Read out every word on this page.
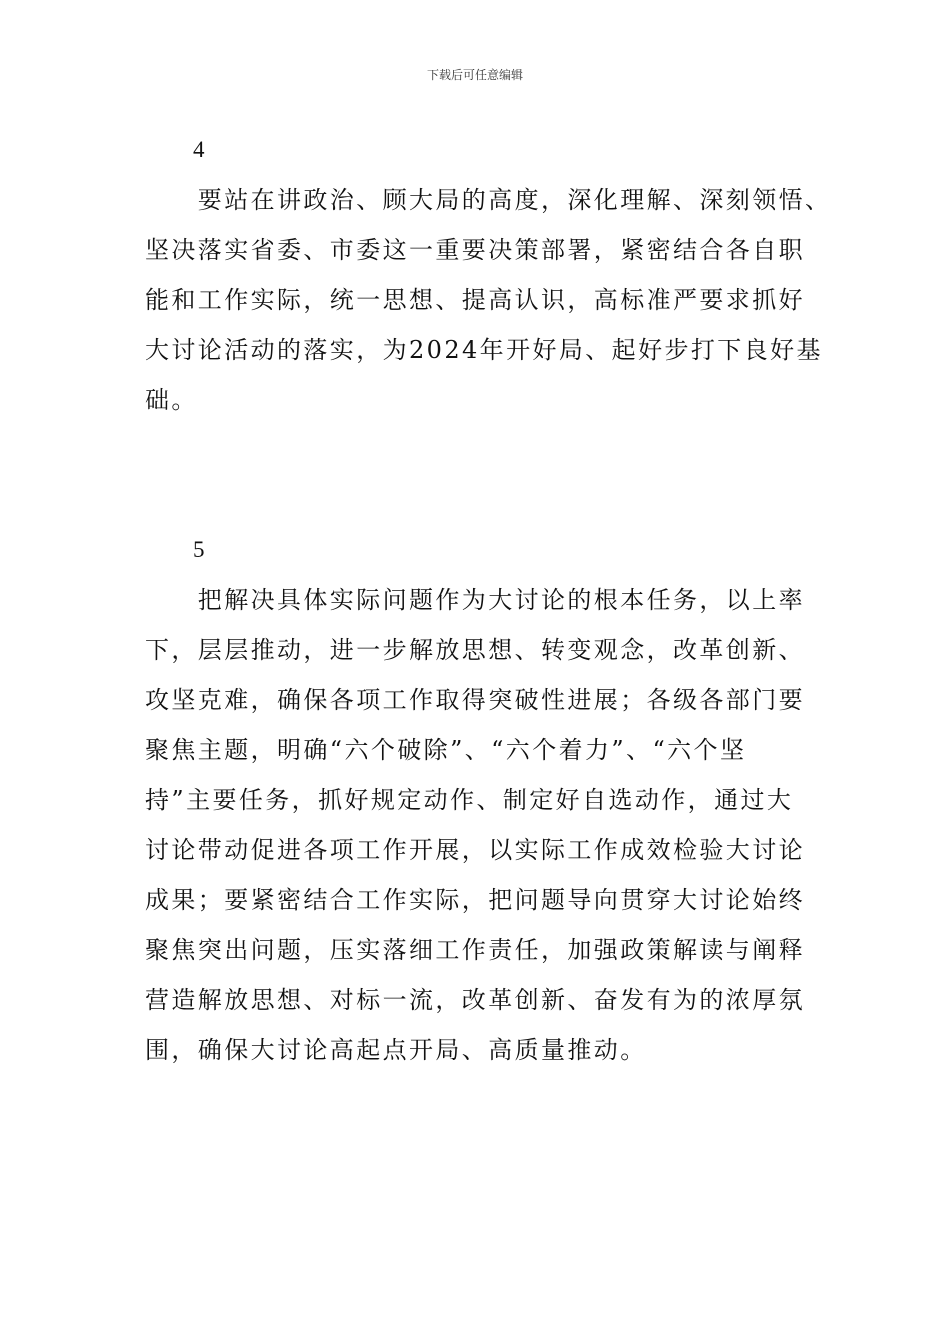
下载后可任意编辑
4
　　要站在讲政治、顾大局的高度，深化理解、深刻领悟、
坚决落实省委、市委这一重要决策部署，紧密结合各自职
能和工作实际，统一思想、提高认识，高标准严要求抓好
大讨论活动的落实，为2024年开好局、起好步打下良好基
础。
5
　　把解决具体实际问题作为大讨论的根本任务，以上率
下，层层推动，进一步解放思想、转变观念，改革创新、
攻坚克难，确保各项工作取得突破性进展；各级各部门要
聚焦主题，明确“六个破除”、“六个着力”、“六个坚
持”主要任务，抓好规定动作、制定好自选动作，通过大
讨论带动促进各项工作开展，以实际工作成效检验大讨论
成果；要紧密结合工作实际，把问题导向贯穿大讨论始终
聚焦突出问题，压实落细工作责任，加强政策解读与阐释
营造解放思想、对标一流，改革创新、奋发有为的浓厚氛
围，确保大讨论高起点开局、高质量推动。
